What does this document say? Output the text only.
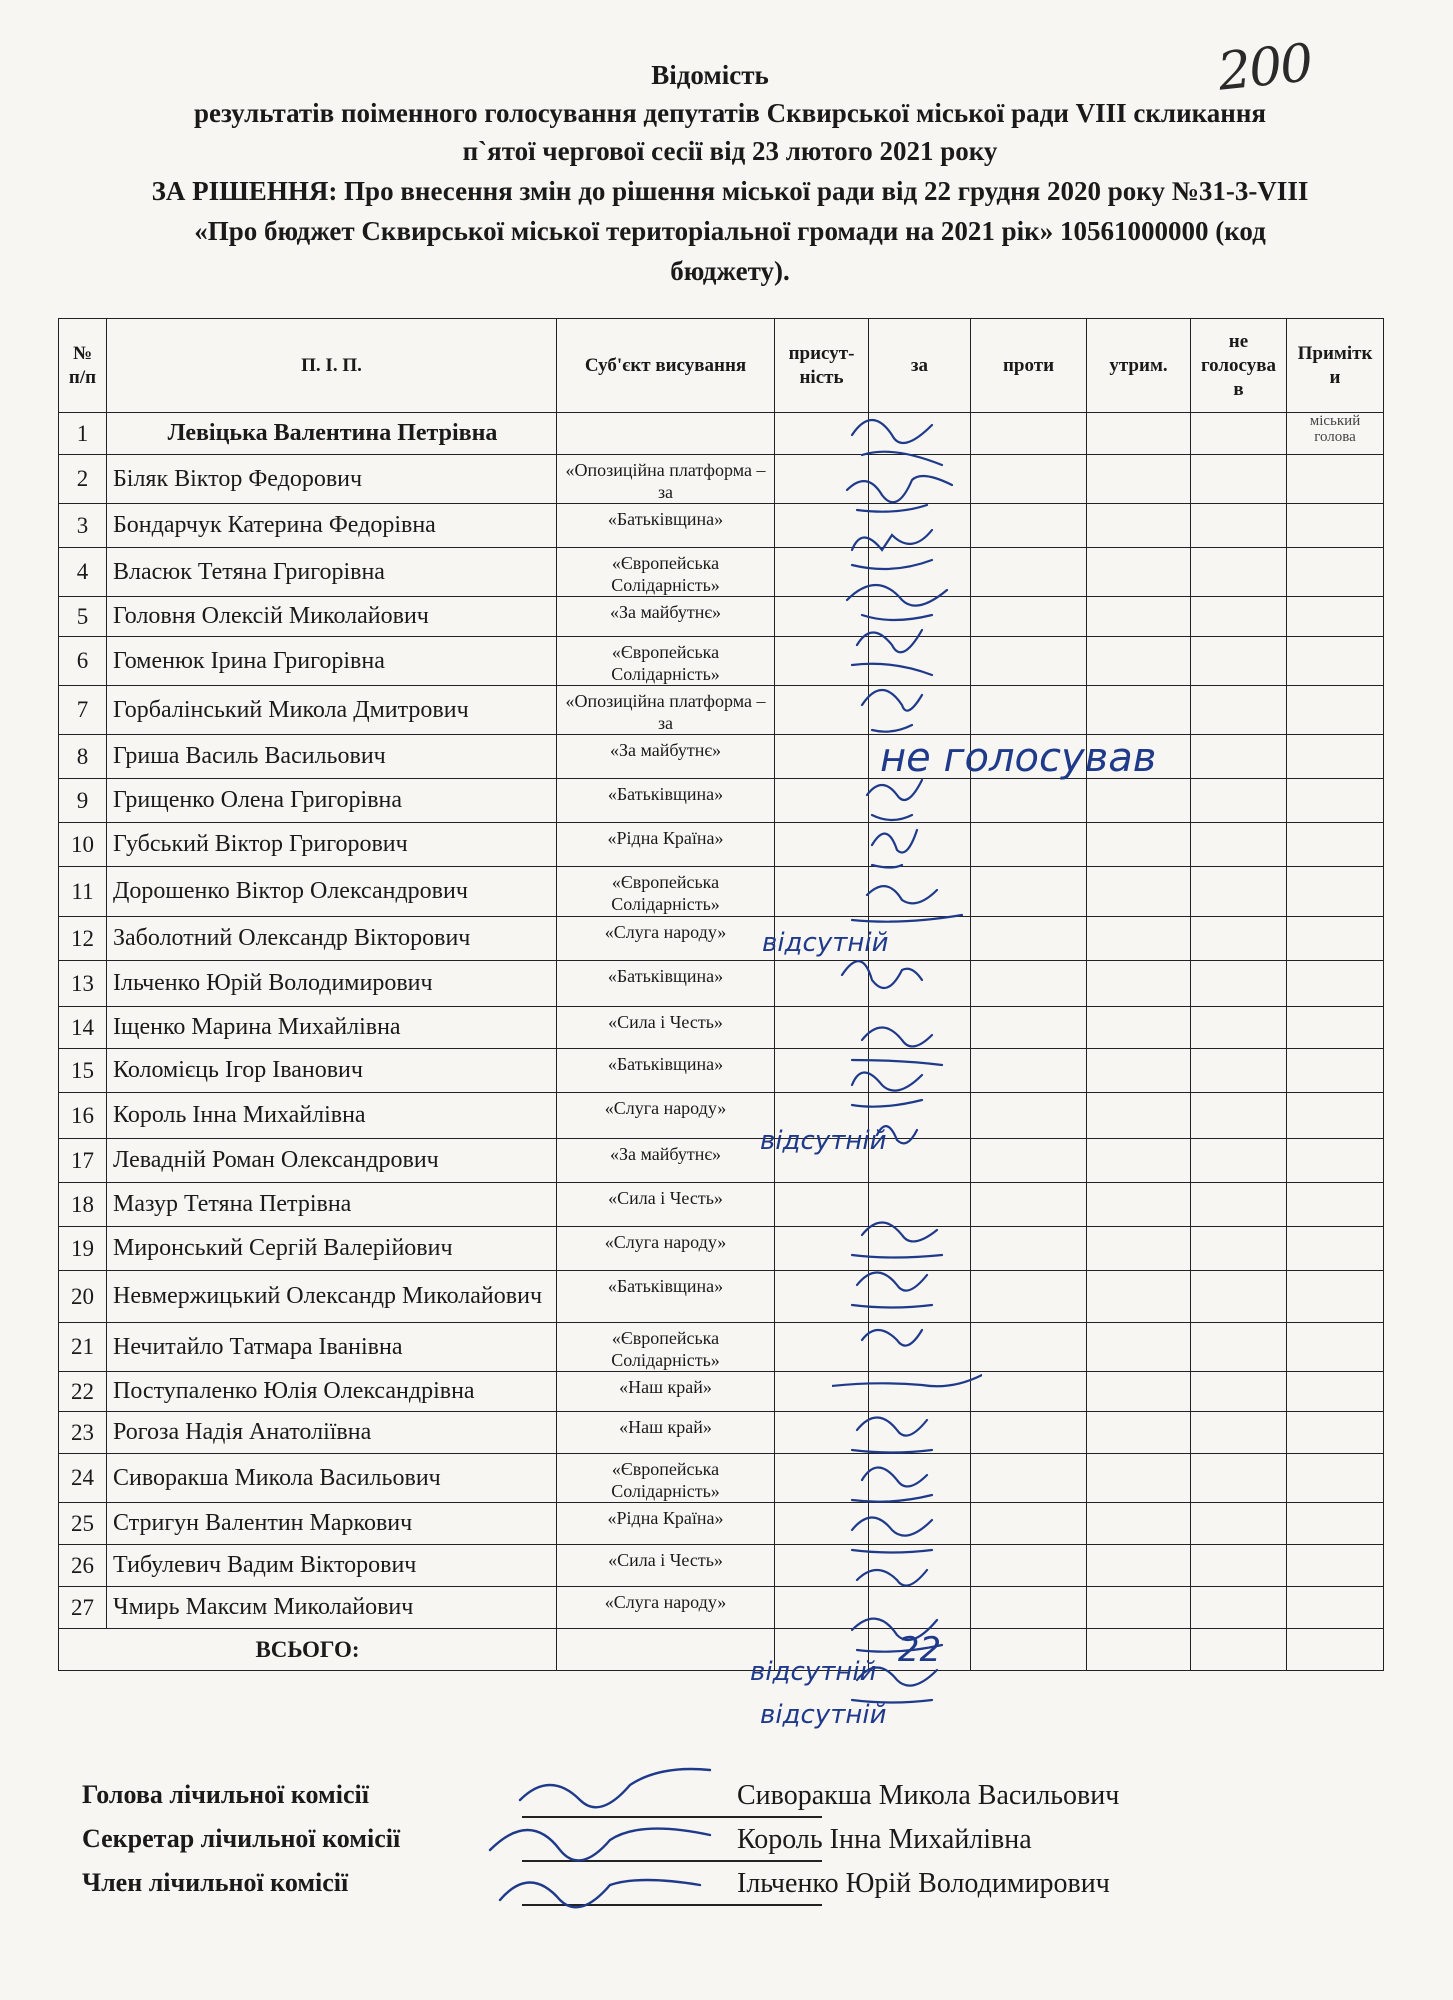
200
Відомість
результатів поіменного голосування депутатів Сквирської міської ради VIII скликання
п`ятої чергової сесії від 23 лютого 2021 року
ЗА РІШЕННЯ: Про внесення змін до рішення міської ради від 22 грудня 2020 року №31-3-VIII
«Про бюджет Сквирської міської територіальної громади на 2021 рік» 10561000000 (код
бюджету).
№ п/п	П. І. П.	Суб'єкт висування	присут-ність	за	проти	утрим.	не голосува в	Примітк и
1	Левіцька Валентина Петрівна							міський голова
2	Біляк Віктор Федорович	«Опозиційна платформа – за						
3	Бондарчук Катерина Федорівна	«Батьківщина»						
4	Власюк Тетяна Григорівна	«Європейська Солідарність»						
5	Головня Олексій Миколайович	«За майбутнє»						
6	Гоменюк Ірина Григорівна	«Європейська Солідарність»						
7	Горбалінський Микола Дмитрович	«Опозиційна платформа – за						
8	Гриша Василь Васильович	«За майбутнє»						
9	Грищенко Олена Григорівна	«Батьківщина»						
10	Губський Віктор Григорович	«Рідна Країна»						
11	Дорошенко Віктор Олександрович	«Європейська Солідарність»						
12	Заболотний Олександр Вікторович	«Слуга народу»						
13	Ільченко Юрій Володимирович	«Батьківщина»						
14	Іщенко Марина Михайлівна	«Сила і Честь»						
15	Коломієць Ігор Іванович	«Батьківщина»						
16	Король Інна Михайлівна	«Слуга народу»						
17	Левадній Роман Олександрович	«За майбутнє»						
18	Мазур Тетяна Петрівна	«Сила і Честь»						
19	Миронський Сергій Валерійович	«Слуга народу»						
20	Невмержицький Олександр Миколайович	«Батьківщина»						
21	Нечитайло Татмара Іванівна	«Європейська Солідарність»						
22	Поступаленко Юлія Олександрівна	«Наш край»						
23	Рогоза Надія Анатоліївна	«Наш край»						
24	Сиворакша Микола Васильович	«Європейська Солідарність»						
25	Стригун Валентин Маркович	«Рідна Країна»						
26	Тибулевич Вадим Вікторович	«Сила і Честь»						
27	Чмирь Максим Миколайович	«Слуга народу»						
ВСЬОГО:				22				
не голосував
відсутній
відсутній
відсутній
відсутній
Голова лічильної комісії	Сиворакша Микола Васильович
Секретар лічильної комісії	Король Інна Михайлівна
Член лічильної комісії	Ільченко Юрій Володимирович
